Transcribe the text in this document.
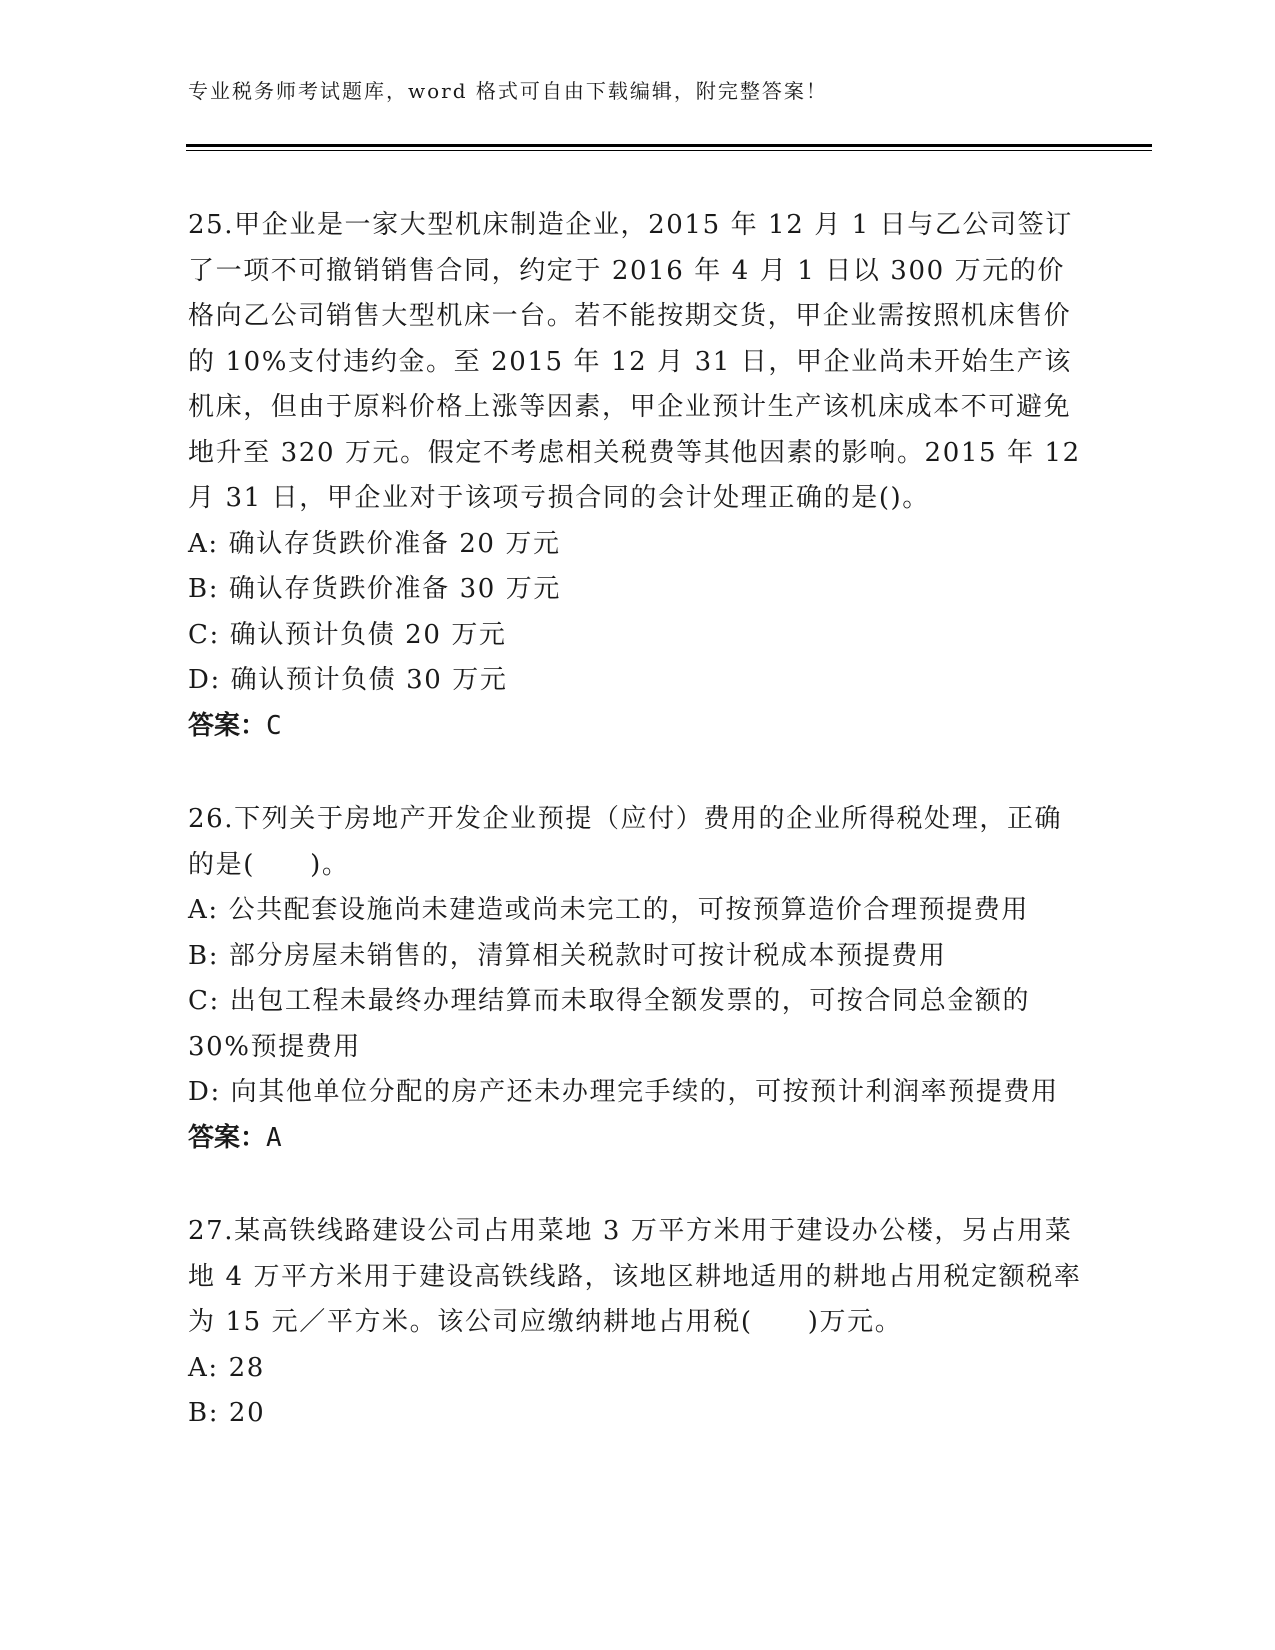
专业税务师考试题库，word 格式可自由下载编辑，附完整答案！
25.甲企业是一家大型机床制造企业，2015 年 12 月 1 日与乙公司签订了一项不可撤销销售合同，约定于 2016 年 4 月 1 日以 300 万元的价格向乙公司销售大型机床一台。若不能按期交货，甲企业需按照机床售价的 10%支付违约金。至 2015 年 12 月 31 日，甲企业尚未开始生产该机床，但由于原料价格上涨等因素，甲企业预计生产该机床成本不可避免地升至 320 万元。假定不考虑相关税费等其他因素的影响。2015 年 12 月 31 日，甲企业对于该项亏损合同的会计处理正确的是()。
A: 确认存货跌价准备 20 万元
B: 确认存货跌价准备 30 万元
C: 确认预计负债 20 万元
D: 确认预计负债 30 万元
答案：C
26.下列关于房地产开发企业预提（应付）费用的企业所得税处理，正确的是(　　)。
A: 公共配套设施尚未建造或尚未完工的，可按预算造价合理预提费用
B: 部分房屋未销售的，清算相关税款时可按计税成本预提费用
C: 出包工程未最终办理结算而未取得全额发票的，可按合同总金额的 30%预提费用
D: 向其他单位分配的房产还未办理完手续的，可按预计利润率预提费用
答案：A
27.某高铁线路建设公司占用菜地 3 万平方米用于建设办公楼，另占用菜地 4 万平方米用于建设高铁线路，该地区耕地适用的耕地占用税定额税率为 15 元／平方米。该公司应缴纳耕地占用税(　　)万元。
A: 28
B: 20
